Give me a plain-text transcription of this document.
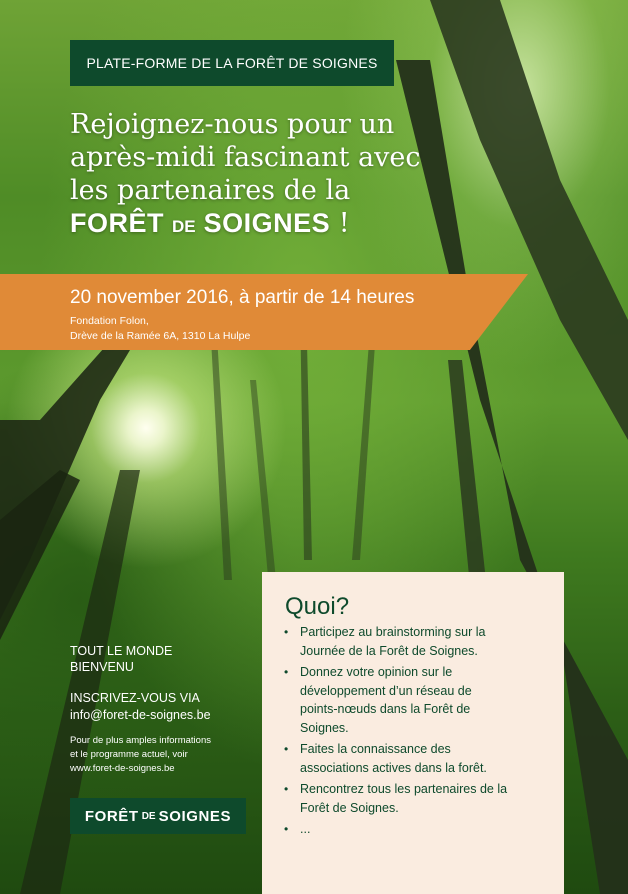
PLATE-FORME DE LA FORÊT DE SOIGNES
Rejoignez-nous pour un
après-midi fascinant avec
les partenaires de la
FORÊT DE SOIGNES !
20 november 2016, à partir de 14 heures
Fondation Folon,
Drève de la Ramée 6A, 1310 La Hulpe
TOUT LE MONDE
BIENVENU
INSCRIVEZ-VOUS VIA
info@foret-de-soignes.be
Pour de plus amples informations
et le programme actuel, voir
www.foret-de-soignes.be
FORÊT DE SOIGNES
Quoi?
• Participez au brainstorming sur la
Journée de la Forêt de Soignes.
• Donnez votre opinion sur le
développement d’un réseau de
points-nœuds dans la Forêt de
Soignes.
• Faites la connaissance des
associations actives dans la forêt.
• Rencontrez tous les partenaires de la
Forêt de Soignes.
• ...
